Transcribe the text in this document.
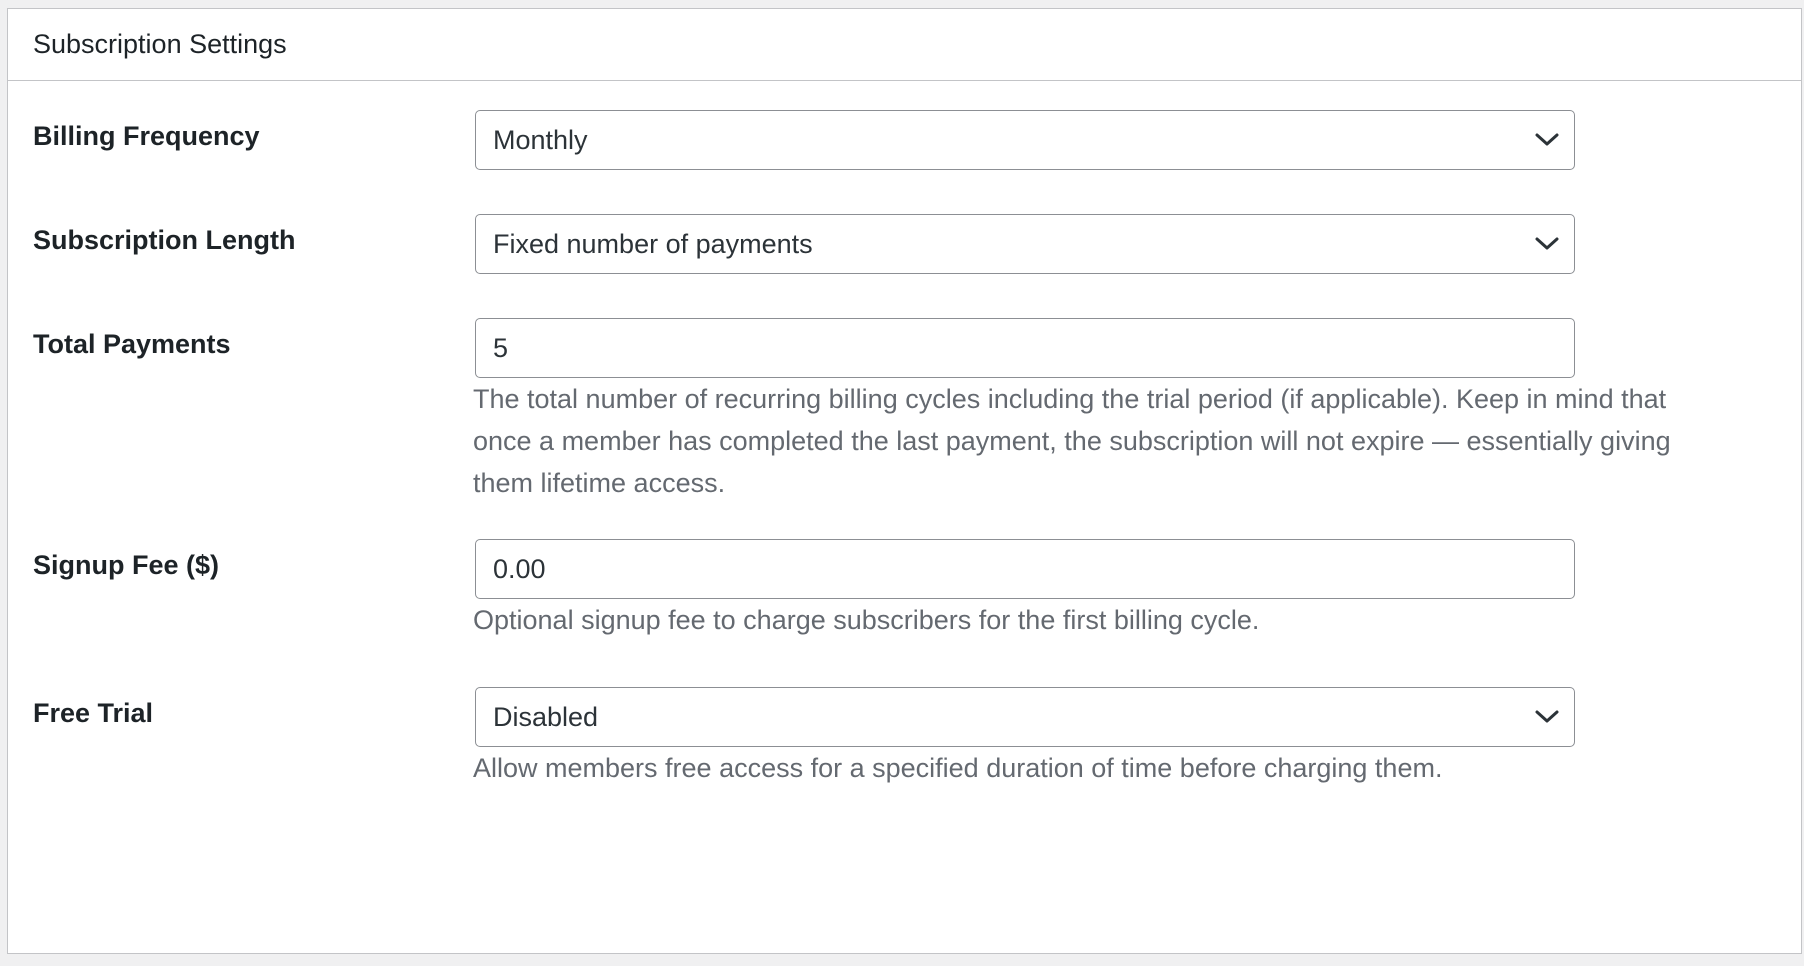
Subscription Settings
Billing Frequency	Monthly
Subscription Length	Fixed number of payments
Total Payments	5
The total number of recurring billing cycles including the trial period (if applicable). Keep in mind that once a member has completed the last payment, the subscription will not expire — essentially giving them lifetime access.
Signup Fee ($)	0.00
Optional signup fee to charge subscribers for the first billing cycle.
Free Trial	Disabled
Allow members free access for a specified duration of time before charging them.
